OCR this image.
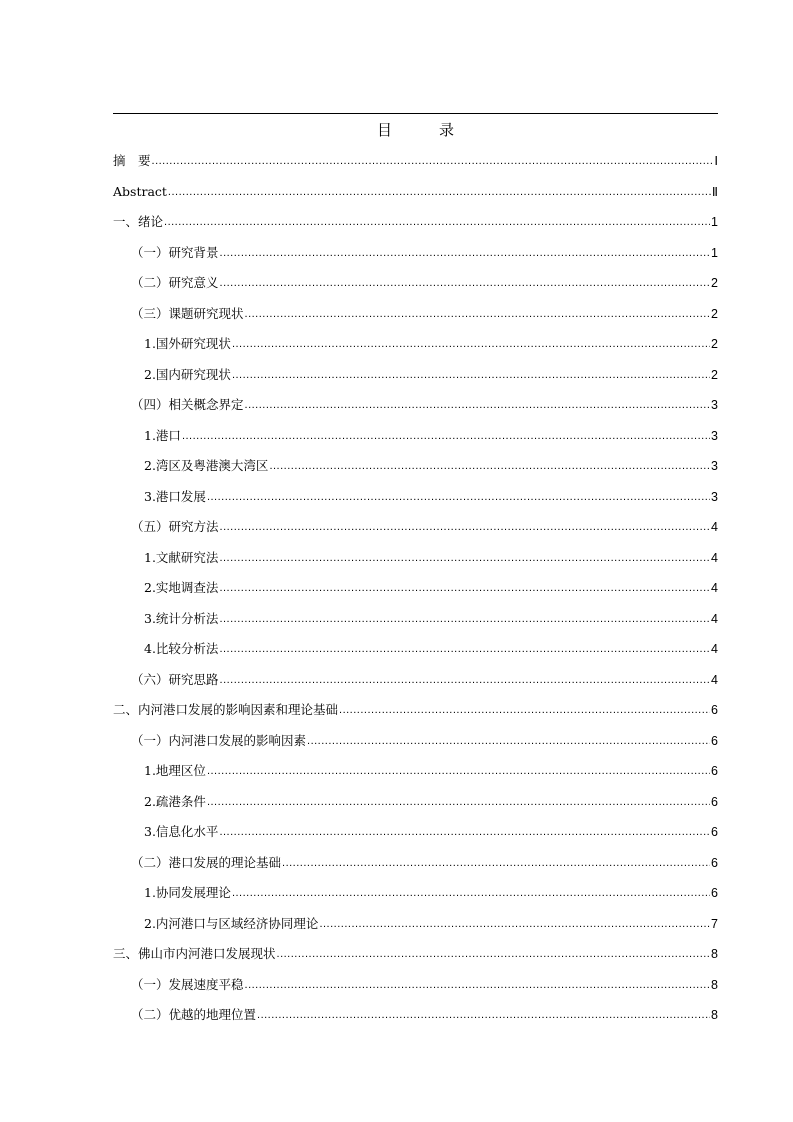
目　录
摘　要 .....	Ⅰ
Abstract .....	Ⅱ
一、绪论 .....	1
（一）研究背景 .....	1
（二）研究意义 .....	2
（三）课题研究现状 .....	2
1.国外研究现状 .....	2
2.国内研究现状 .....	2
（四）相关概念界定 .....	3
1.港口 .....	3
2.湾区及粤港澳大湾区 .....	3
3.港口发展 .....	3
（五）研究方法 .....	4
1.文献研究法 .....	4
2.实地调查法 .....	4
3.统计分析法 .....	4
4.比较分析法 .....	4
（六）研究思路 .....	4
二、内河港口发展的影响因素和理论基础 .....	6
（一）内河港口发展的影响因素 .....	6
1.地理区位 .....	6
2.疏港条件 .....	6
3.信息化水平 .....	6
（二）港口发展的理论基础 .....	6
1.协同发展理论 .....	6
2.内河港口与区域经济协同理论 .....	7
三、佛山市内河港口发展现状 .....	8
（一）发展速度平稳 .....	8
（二）优越的地理位置 .....	8
